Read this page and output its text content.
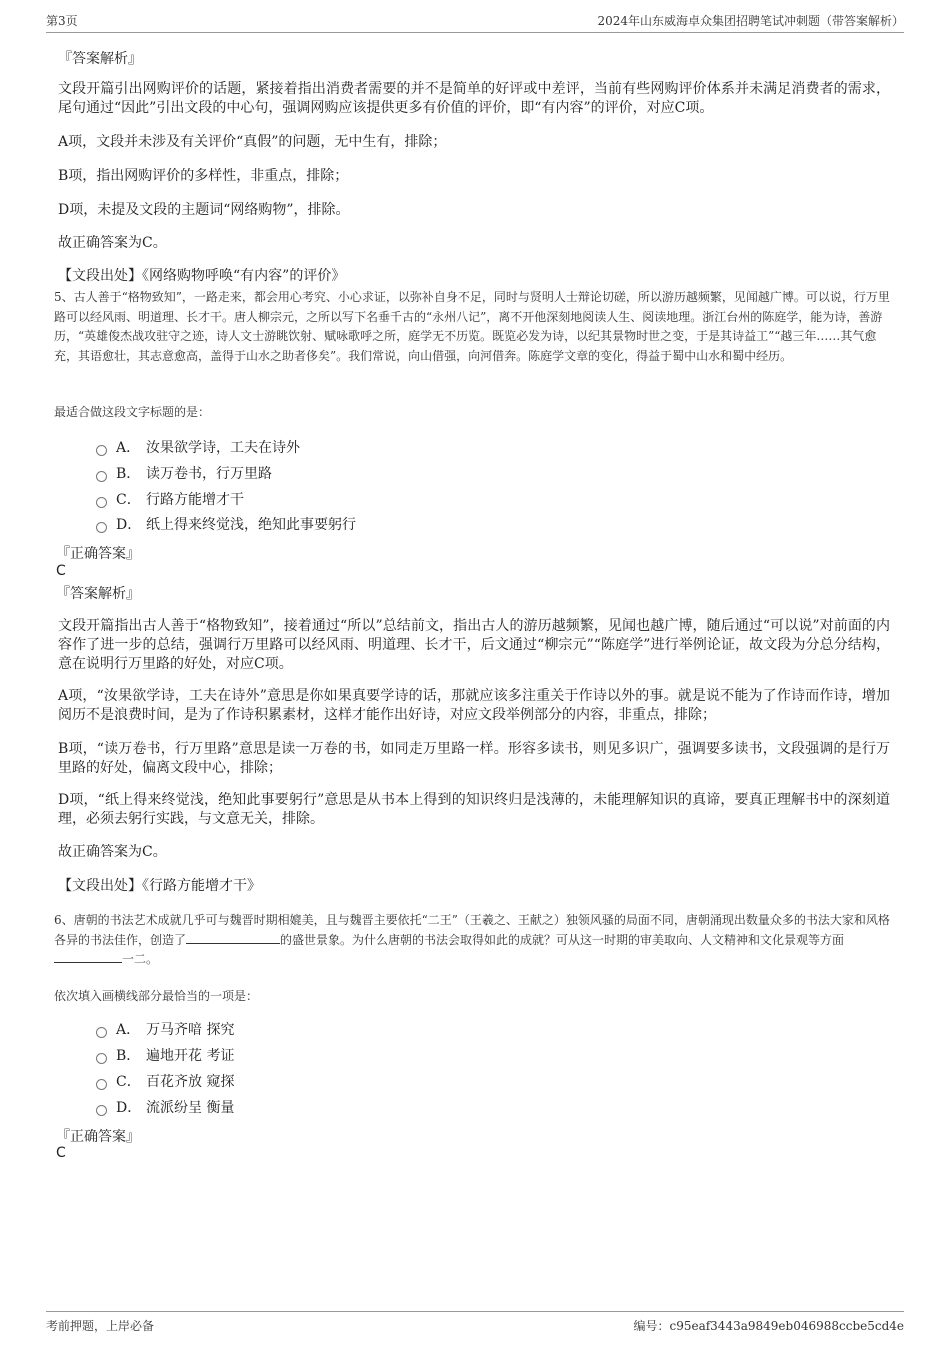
第3页	2024年山东威海卓众集团招聘笔试冲刺题（带答案解析）
『答案解析』
文段开篇引出网购评价的话题，紧接着指出消费者需要的并不是简单的好评或中差评，当前有些网购评价体系并未满足消费者的需求，尾句通过“因此”引出文段的中心句，强调网购应该提供更多有价值的评价，即“有内容”的评价，对应C项。
A项，文段并未涉及有关评价“真假”的问题，无中生有，排除；
B项，指出网购评价的多样性，非重点，排除；
D项，未提及文段的主题词“网络购物”，排除。
故正确答案为C。
【文段出处】《网络购物呼唤“有内容”的评价》
5、古人善于“格物致知”，一路走来，都会用心考究、小心求证，以弥补自身不足，同时与贤明人士辩论切磋，所以游历越频繁，见闻越广博。可以说，行万里路可以经风雨、明道理、长才干。唐人柳宗元，之所以写下名垂千古的“永州八记”，离不开他深刻地阅读人生、阅读地理。浙江台州的陈庭学，能为诗，善游历，“英雄俊杰战攻驻守之迹，诗人文士游眺饮射、赋咏歌呼之所，庭学无不历览。既览必发为诗，以纪其景物时世之变，于是其诗益工”“越三年……其气愈充，其语愈壮，其志意愈高，盖得于山水之助者侈矣”。我们常说，向山借强，向河借奔。陈庭学文章的变化，得益于蜀中山水和蜀中经历。
最适合做这段文字标题的是：
A． 汝果欲学诗，工夫在诗外
B． 读万卷书，行万里路
C． 行路方能增才干
D． 纸上得来终觉浅，绝知此事要躬行
『正确答案』
C
『答案解析』
文段开篇指出古人善于“格物致知”，接着通过“所以”总结前文，指出古人的游历越频繁，见闻也越广博，随后通过“可以说”对前面的内容作了进一步的总结，强调行万里路可以经风雨、明道理、长才干，后文通过“柳宗元”“陈庭学”进行举例论证，故文段为分总分结构，意在说明行万里路的好处，对应C项。
A项，“汝果欲学诗，工夫在诗外”意思是你如果真要学诗的话，那就应该多注重关于作诗以外的事。就是说不能为了作诗而作诗，增加阅历不是浪费时间，是为了作诗积累素材，这样才能作出好诗，对应文段举例部分的内容，非重点，排除；
B项，“读万卷书，行万里路”意思是读一万卷的书，如同走万里路一样。形容多读书，则见多识广，强调要多读书，文段强调的是行万里路的好处，偏离文段中心，排除；
D项，“纸上得来终觉浅，绝知此事要躬行”意思是从书本上得到的知识终归是浅薄的，未能理解知识的真谛，要真正理解书中的深刻道理，必须去躬行实践，与文意无关，排除。
故正确答案为C。
【文段出处】《行路方能增才干》
6、唐朝的书法艺术成就几乎可与魏晋时期相媲美，且与魏晋主要依托“二王”（王羲之、王献之）独领风骚的局面不同，唐朝涌现出数量众多的书法大家和风格各异的书法佳作，创造了	的盛世景象。为什么唐朝的书法会取得如此的成就？可从这一时期的审美取向、人文精神和文化景观等方面一二。
依次填入画横线部分最恰当的一项是：
A． 万马齐喑 探究
B． 遍地开花 考证
C． 百花齐放 窥探
D． 流派纷呈 衡量
『正确答案』
C
考前押题，上岸必备	编号：c95eaf3443a9849eb046988ccbe5cd4e
